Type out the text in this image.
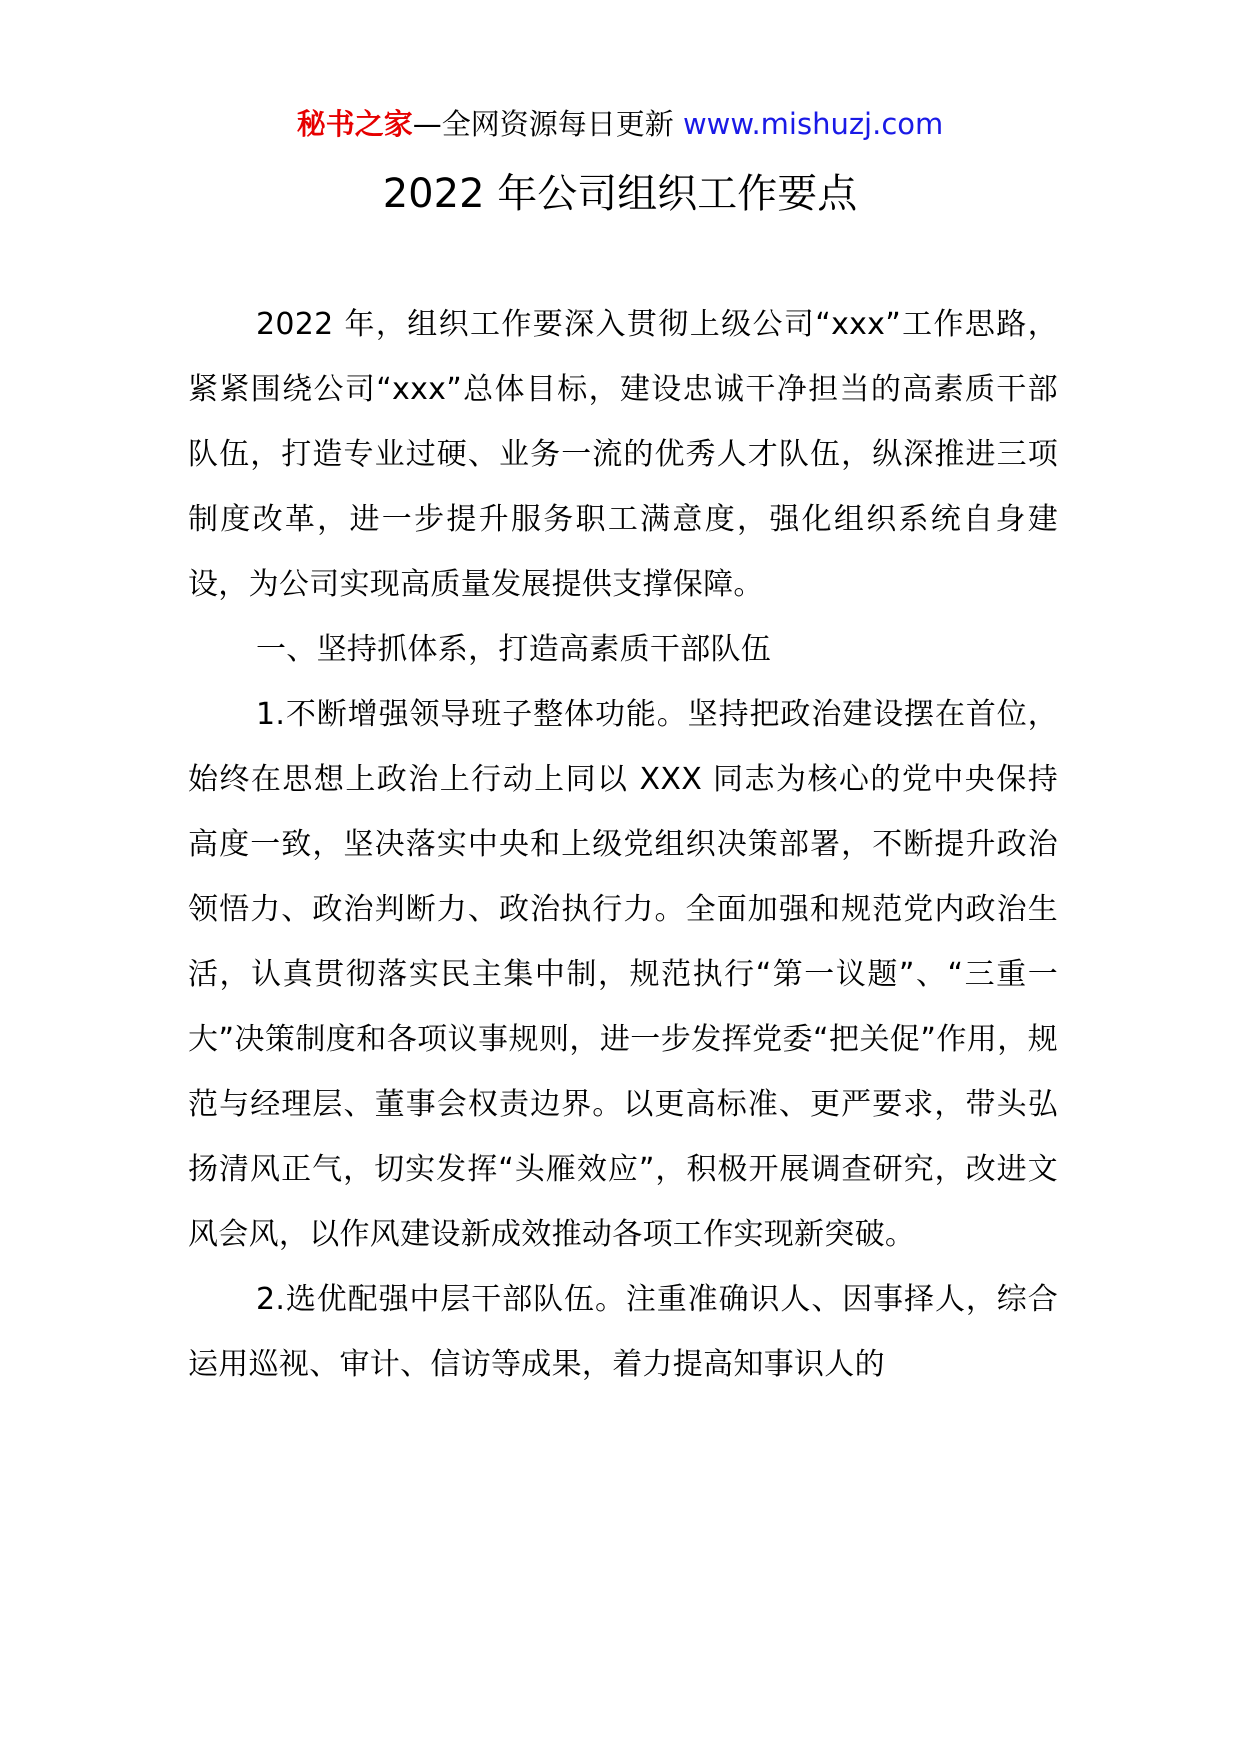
秘书之家—全网资源每日更新 www.mishuzj.com
2022 年公司组织工作要点

2022 年，组织工作要深入贯彻上级公司“xxx”工作思路，紧紧围绕公司“xxx”总体目标，建设忠诚干净担当的高素质干部队伍，打造专业过硬、业务一流的优秀人才队伍，纵深推进三项制度改革，进一步提升服务职工满意度，强化组织系统自身建设，为公司实现高质量发展提供支撑保障。

一、坚持抓体系，打造高素质干部队伍

1.不断增强领导班子整体功能。坚持把政治建设摆在首位，始终在思想上政治上行动上同以 XXX 同志为核心的党中央保持高度一致，坚决落实中央和上级党组织决策部署，不断提升政治领悟力、政治判断力、政治执行力。全面加强和规范党内政治生活，认真贯彻落实民主集中制，规范执行“第一议题”、“三重一大”决策制度和各项议事规则，进一步发挥党委“把关促”作用，规范与经理层、董事会权责边界。以更高标准、更严要求，带头弘扬清风正气，切实发挥“头雁效应”，积极开展调查研究，改进文风会风，以作风建设新成效推动各项工作实现新突破。

2.选优配强中层干部队伍。注重准确识人、因事择人，综合运用巡视、审计、信访等成果，着力提高知事识人的
